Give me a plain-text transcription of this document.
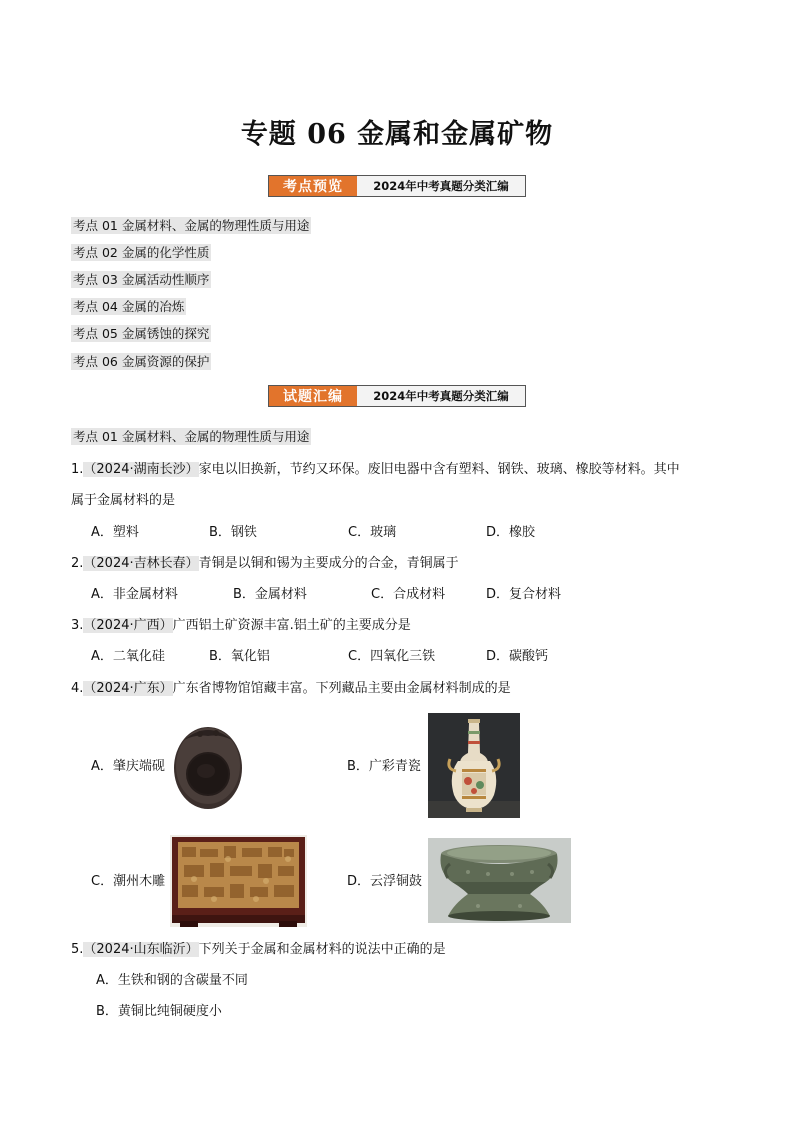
专题 06 金属和金属矿物
考点预览	2024年中考真题分类汇编
考点 01 金属材料、金属的物理性质与用途
考点 02 金属的化学性质
考点 03 金属活动性顺序
考点 04 金属的冶炼
考点 05 金属锈蚀的探究
考点 06 金属资源的保护
试题汇编	2024年中考真题分类汇编
考点 01 金属材料、金属的物理性质与用途
1.（2024·湖南长沙）家电以旧换新，节约又环保。废旧电器中含有塑料、钢铁、玻璃、橡胶等材料。其中
属于金属材料的是
A．塑料	B．钢铁	C．玻璃	D．橡胶
2.（2024·吉林长春）青铜是以铜和锡为主要成分的合金，青铜属于
A．非金属材料	B．金属材料	C．合成材料	D．复合材料
3.（2024·广西）广西铝土矿资源丰富.铝土矿的主要成分是
A．二氧化硅	B．氧化铝	C．四氧化三铁	D．碳酸钙
4.（2024·广东）广东省博物馆馆藏丰富。下列藏品主要由金属材料制成的是
A．肇庆端砚	B．广彩青瓷
C．潮州木雕	D．云浮铜鼓
5.（2024·山东临沂）下列关于金属和金属材料的说法中正确的是
A．生铁和钢的含碳量不同
B．黄铜比纯铜硬度小
